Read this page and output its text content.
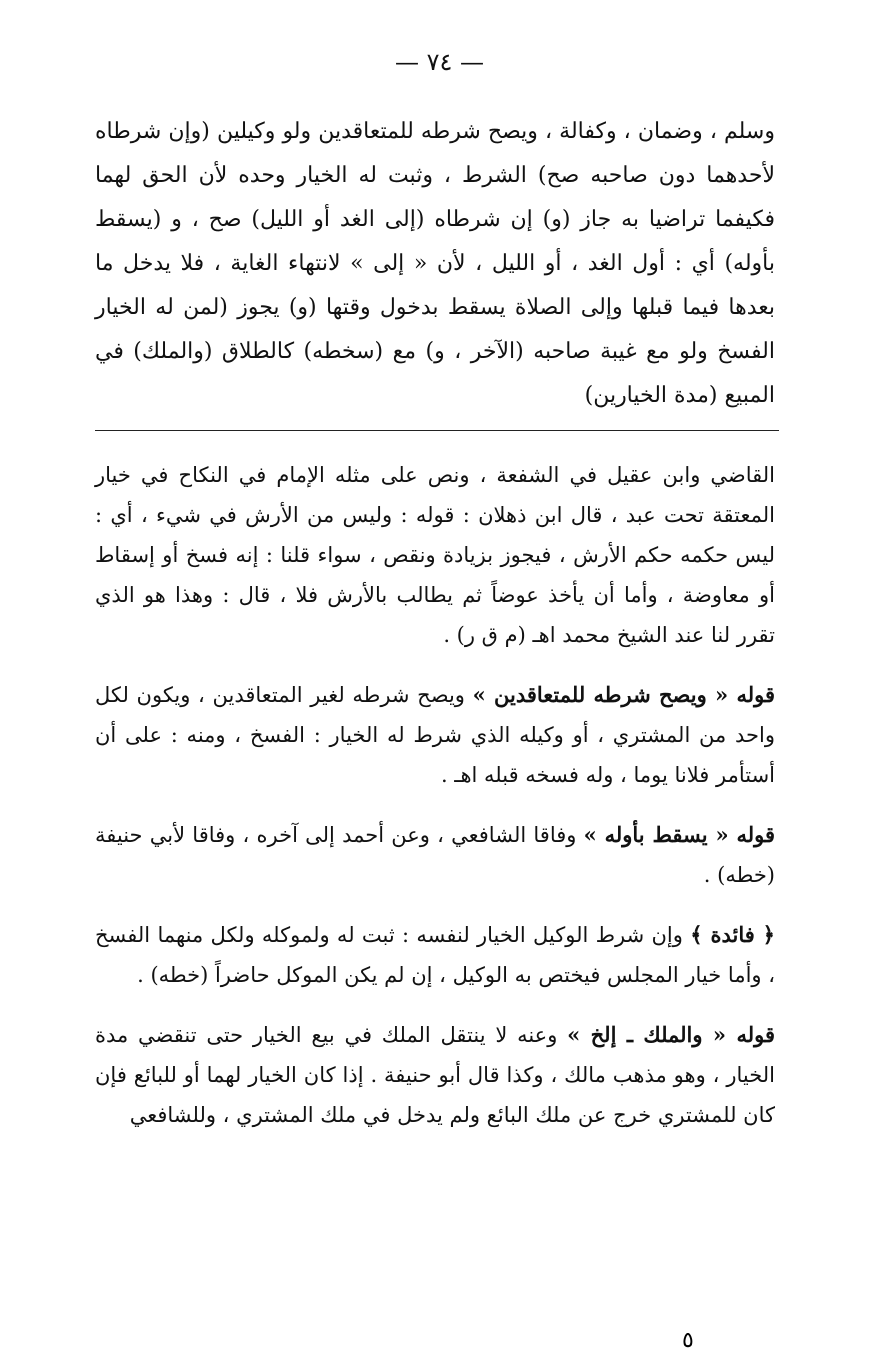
— ٧٤ —

وسلم ، وضمان ، وكفالة ، ويصح شرطه للمتعاقدين ولو وكيلين (وإن شرطاه لأحدهما دون صاحبه صح) الشرط ، وثبت له الخيار وحده لأن الحق لهما فكيفما تراضيا به جاز (و) إن شرطاه (إلى الغد أو الليل) صح ، و (يسقط بأوله) أي : أول الغد ، أو الليل ، لأن « إلى » لانتهاء الغاية ، فلا يدخل ما بعدها فيما قبلها وإلى الصلاة يسقط بدخول وقتها (و) يجوز (لمن له الخيار الفسخ ولو مع غيبة صاحبه (الآخر ، و) مع (سخطه) كالطلاق (والملك) في المبيع (مدة الخيارين)

القاضي وابن عقيل في الشفعة ، ونص على مثله الإمام في النكاح في خيار المعتقة تحت عبد ، قال ابن ذهلان : قوله : وليس من الأرش في شيء ، أي : ليس حكمه حكم الأرش ، فيجوز بزيادة ونقص ، سواء قلنا : إنه فسخ أو إسقاط أو معاوضة ، وأما أن يأخذ عوضاً ثم يطالب بالأرش فلا ، قال : وهذا هو الذي تقرر لنا عند الشيخ محمد اهـ (م ق ر) .

قوله « ويصح شرطه للمتعاقدين » ويصح شرطه لغير المتعاقدين ، ويكون لكل واحد من المشتري ، أو وكيله الذي شرط له الخيار : الفسخ ، ومنه : على أن أستأمر فلانا يوما ، وله فسخه قبله اهـ .

قوله « يسقط بأوله » وفاقا الشافعي ، وعن أحمد إلى آخره ، وفاقا لأبي حنيفة (خطه) .

﴿ فائدة ﴾ وإن شرط الوكيل الخيار لنفسه : ثبت له ولموكله ولكل منهما الفسخ ، وأما خيار المجلس فيختص به الوكيل ، إن لم يكن الموكل حاضراً (خطه) .

قوله « والملك ـ إلخ » وعنه لا ينتقل الملك في بيع الخيار حتى تنقضي مدة الخيار ، وهو مذهب مالك ، وكذا قال أبو حنيفة . إذا كان الخيار لهما أو للبائع فإن كان للمشتري خرج عن ملك البائع ولم يدخل في ملك المشتري ، وللشافعي

٥
